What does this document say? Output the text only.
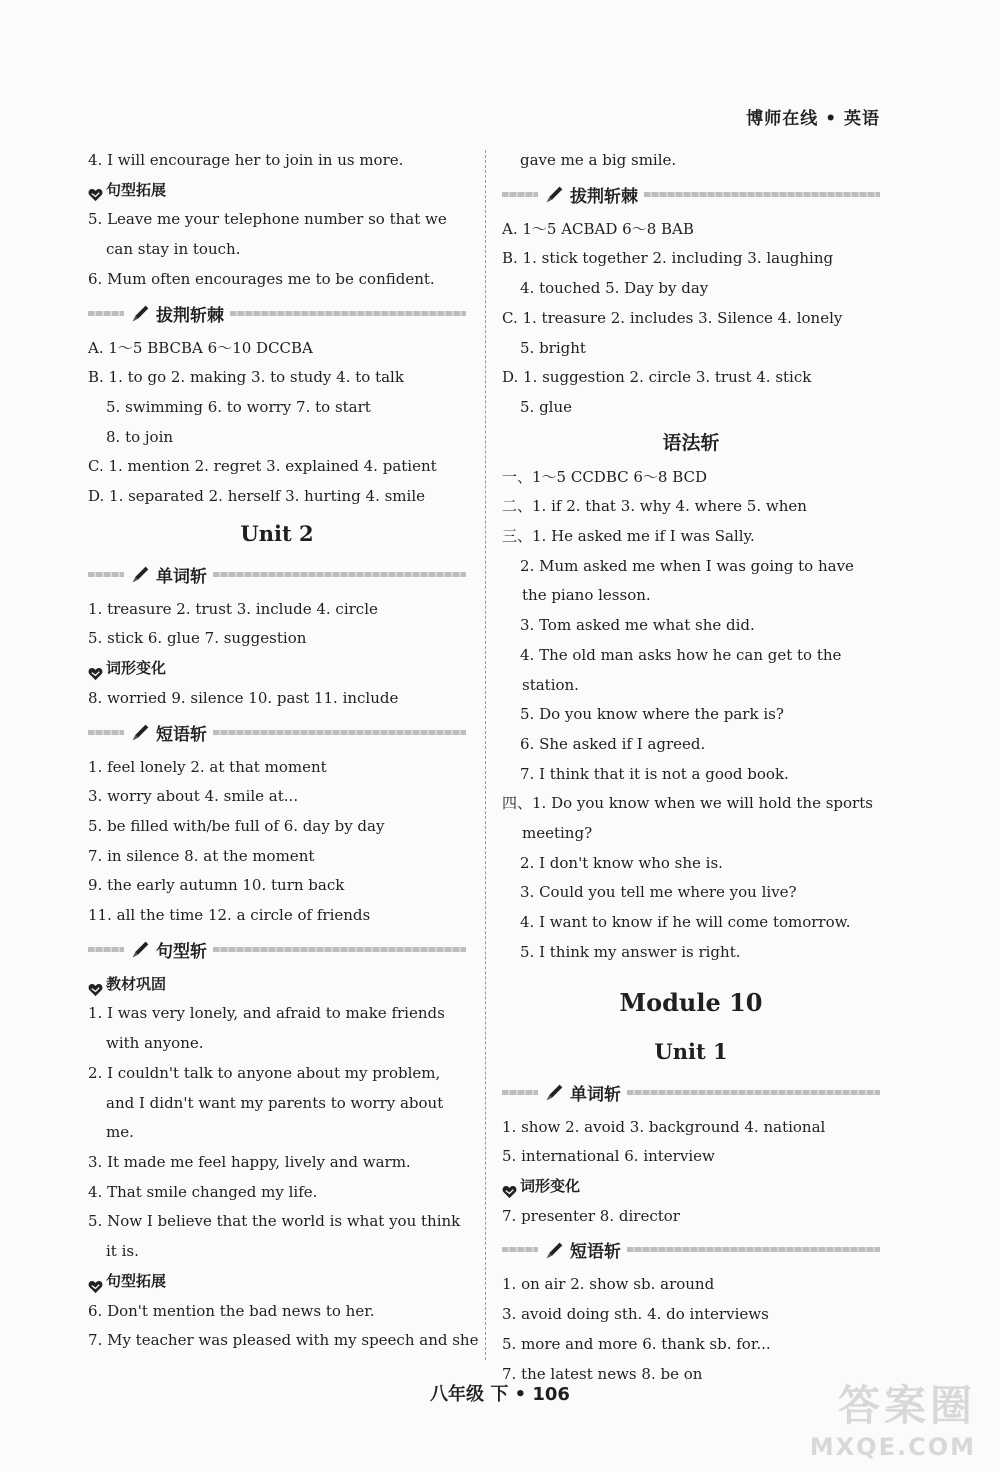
博师在线 • 英语
4. I will encourage her to join in us more.
句型拓展
5. Leave me your telephone number so that we
can stay in touch.
6. Mum often encourages me to be confident.
拔荆斩棘
A. 1～5 BBCBA 6～10 DCCBA
B. 1. to go 2. making 3. to study 4. to talk
5. swimming 6. to worry 7. to start
8. to join
C. 1. mention 2. regret 3. explained 4. patient
D. 1. separated 2. herself 3. hurting 4. smile
Unit 2
单词斩
1. treasure 2. trust 3. include 4. circle
5. stick 6. glue 7. suggestion
词形变化
8. worried 9. silence 10. past 11. include
短语斩
1. feel lonely 2. at that moment
3. worry about 4. smile at...
5. be filled with/be full of 6. day by day
7. in silence 8. at the moment
9. the early autumn 10. turn back
11. all the time 12. a circle of friends
句型斩
教材巩固
1. I was very lonely, and afraid to make friends
with anyone.
2. I couldn't talk to anyone about my problem,
and I didn't want my parents to worry about
me.
3. It made me feel happy, lively and warm.
4. That smile changed my life.
5. Now I believe that the world is what you think
it is.
句型拓展
6. Don't mention the bad news to her.
7. My teacher was pleased with my speech and she
gave me a big smile.
拔荆斩棘
A. 1～5 ACBAD 6～8 BAB
B. 1. stick together 2. including 3. laughing
4. touched 5. Day by day
C. 1. treasure 2. includes 3. Silence 4. lonely
5. bright
D. 1. suggestion 2. circle 3. trust 4. stick
5. glue
语法斩
一、1～5 CCDBC 6～8 BCD
二、1. if 2. that 3. why 4. where 5. when
三、1. He asked me if I was Sally.
2. Mum asked me when I was going to have
the piano lesson.
3. Tom asked me what she did.
4. The old man asks how he can get to the
station.
5. Do you know where the park is?
6. She asked if I agreed.
7. I think that it is not a good book.
四、1. Do you know when we will hold the sports
meeting?
2. I don't know who she is.
3. Could you tell me where you live?
4. I want to know if he will come tomorrow.
5. I think my answer is right.
Module 10
Unit 1
单词斩
1. show 2. avoid 3. background 4. national
5. international 6. interview
词形变化
7. presenter 8. director
短语斩
1. on air 2. show sb. around
3. avoid doing sth. 4. do interviews
5. more and more 6. thank sb. for...
7. the latest news 8. be on
八年级 下 • 106	答案圈
MXQE.COM
